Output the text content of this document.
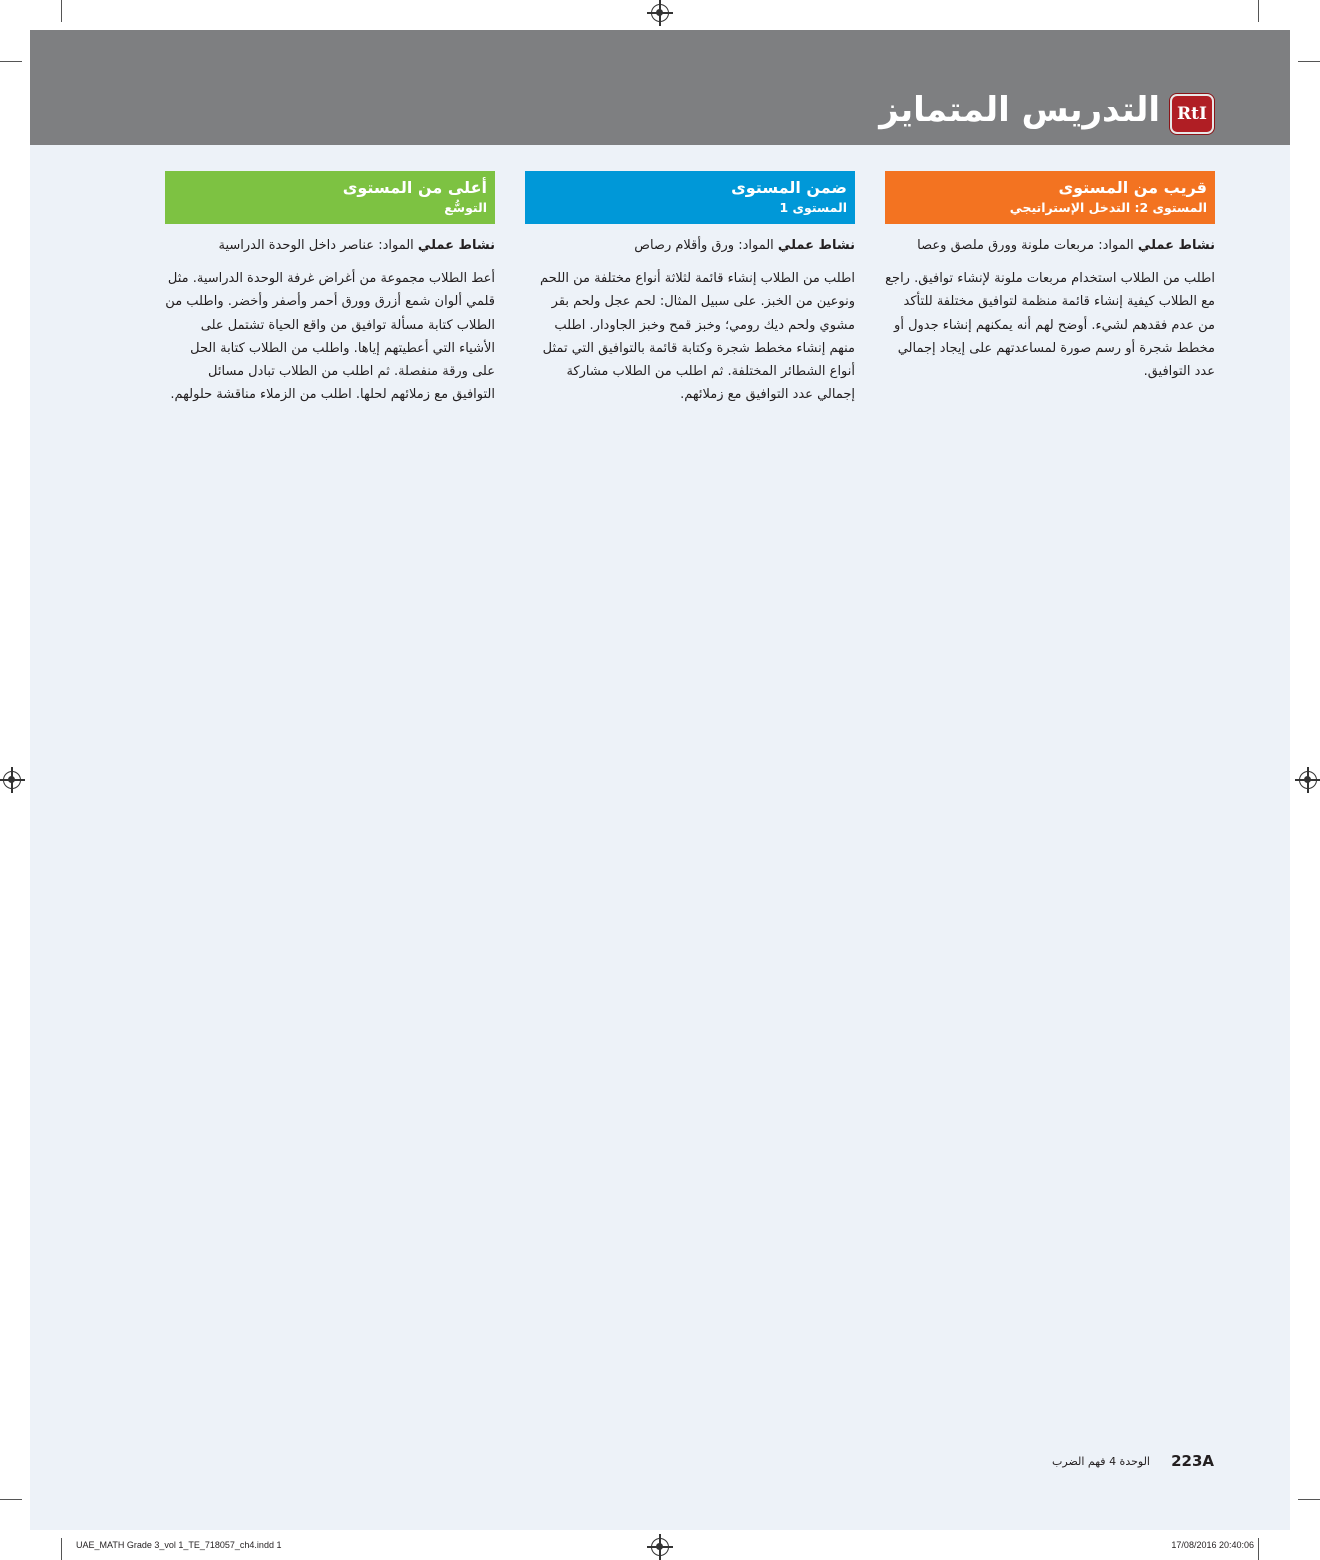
التدريس المتمايز	RtI
قريب من المستوى
المستوى 2: التدخل الإستراتيجي
نشاط عملي المواد: مربعات ملونة وورق ملصق وعصا
اطلب من الطلاب استخدام مربعات ملونة لإنشاء توافيق. راجع مع الطلاب كيفية إنشاء قائمة منظمة لتوافيق مختلفة للتأكد من عدم فقدهم لشيء. أوضح لهم أنه يمكنهم إنشاء جدول أو مخطط شجرة أو رسم صورة لمساعدتهم على إيجاد إجمالي عدد التوافيق.
ضمن المستوى
المستوى 1
نشاط عملي المواد: ورق وأقلام رصاص
اطلب من الطلاب إنشاء قائمة لثلاثة أنواع مختلفة من اللحم ونوعين من الخبز. على سبيل المثال: لحم عجل ولحم بقر مشوي ولحم ديك رومي؛ وخبز قمح وخبز الجاودار. اطلب منهم إنشاء مخطط شجرة وكتابة قائمة بالتوافيق التي تمثل أنواع الشطائر المختلفة. ثم اطلب من الطلاب مشاركة إجمالي عدد التوافيق مع زملائهم.
أعلى من المستوى
التوسُّع
نشاط عملي المواد: عناصر داخل الوحدة الدراسية
أعط الطلاب مجموعة من أغراض غرفة الوحدة الدراسية. مثل قلمي ألوان شمع أزرق وورق أحمر وأصفر وأخضر. واطلب من الطلاب كتابة مسألة توافيق من واقع الحياة تشتمل على الأشياء التي أعطيتهم إياها. واطلب من الطلاب كتابة الحل على ورقة منفصلة. ثم اطلب من الطلاب تبادل مسائل التوافيق مع زملائهم لحلها. اطلب من الزملاء مناقشة حلولهم.
223A
الوحدة 4 فهم الضرب
UAE_MATH Grade 3_vol 1_TE_718057_ch4.indd 1	17/08/2016 20:40:06
